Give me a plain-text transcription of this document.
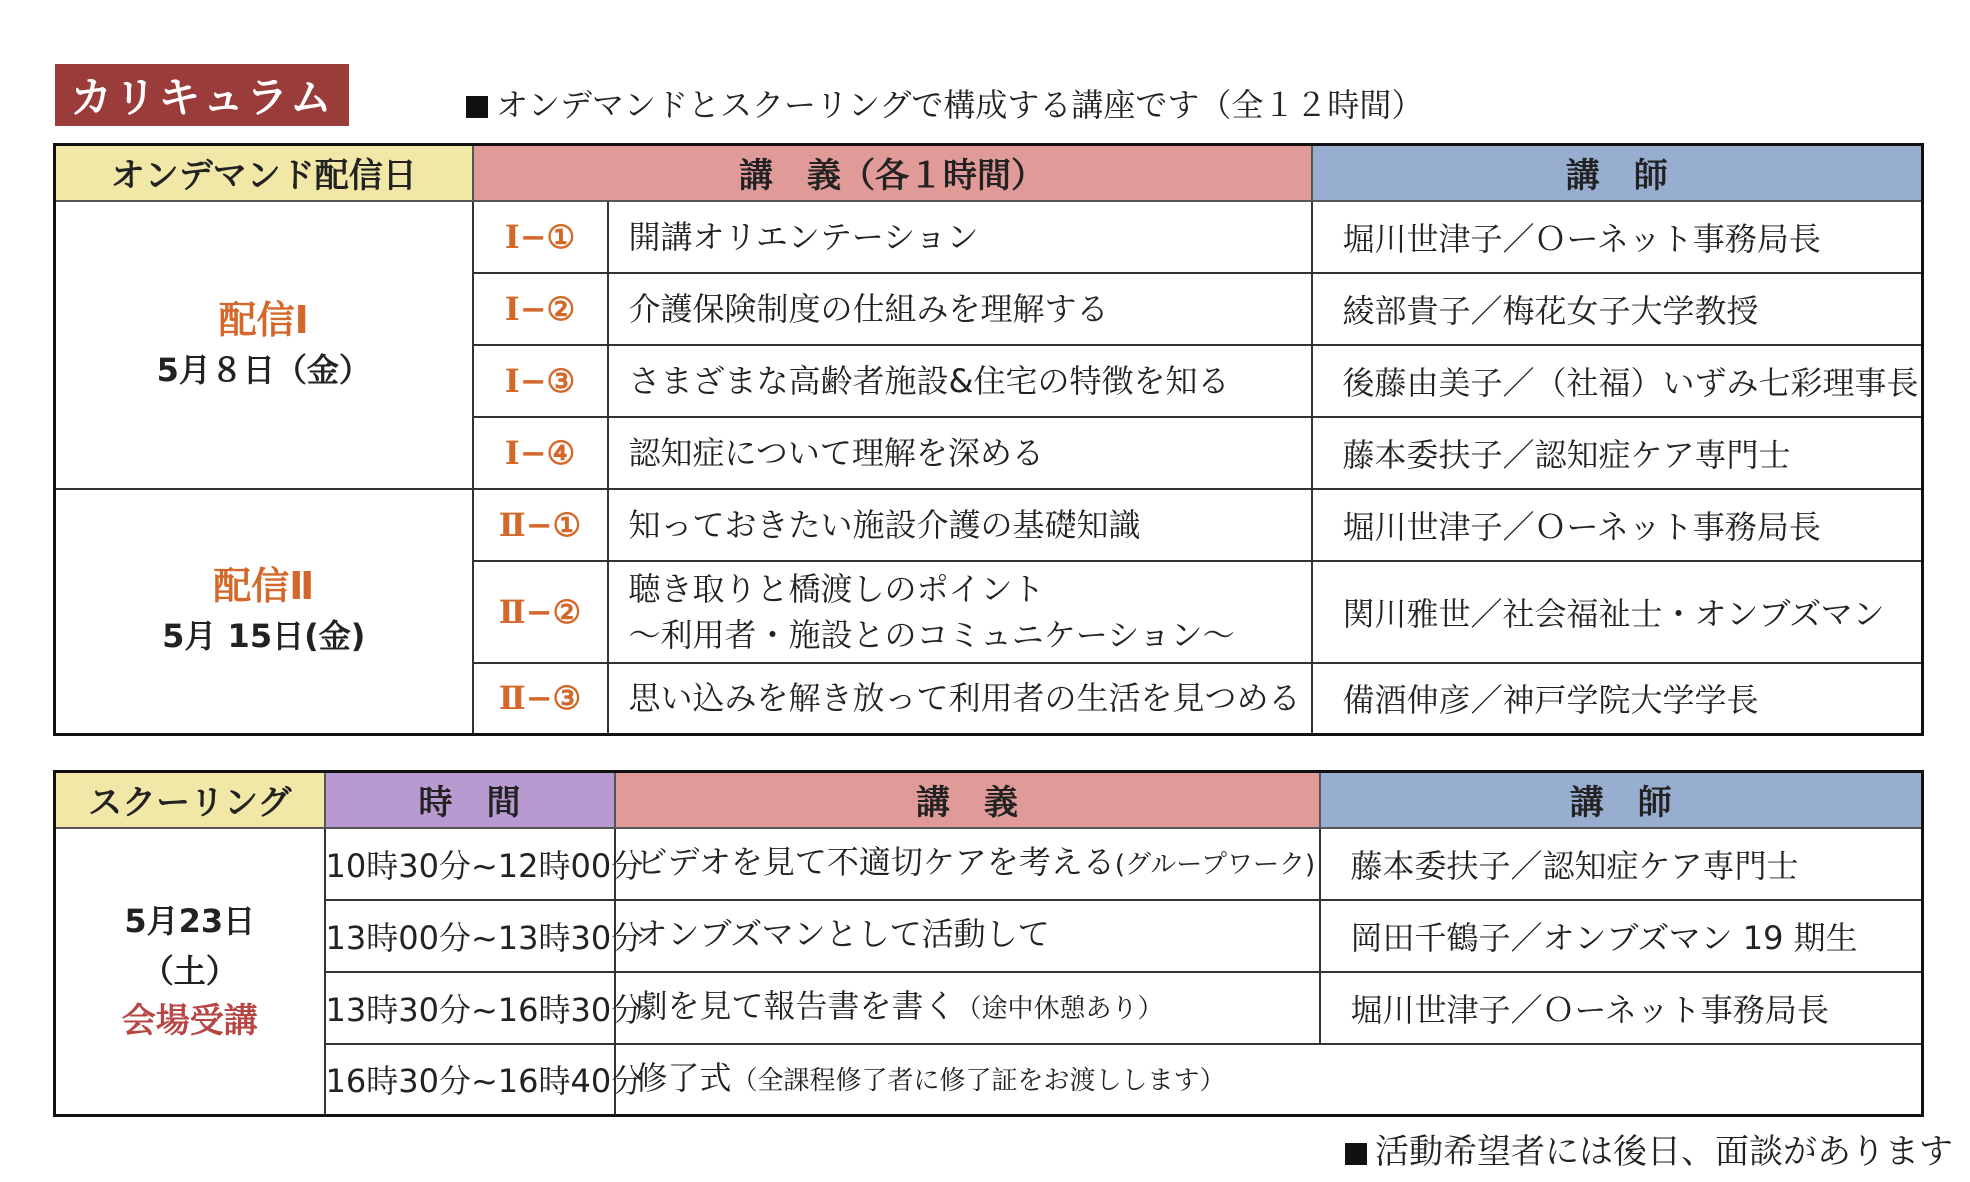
カリキュラム	オンデマンドとスクーリングで構成する講座です（全１２時間）
オンデマンド配信日	講　義（各１時間）		講　師

配信Ⅰ
5月８日（金）	Ⅰ−①	開講オリエンテーション	堀川世津子／Ｏーネット事務局長
	Ⅰ−②	介護保険制度の仕組みを理解する	綾部貴子／梅花女子大学教授
	Ⅰ−③	さまざまな高齢者施設&住宅の特徴を知る	後藤由美子／（社福）いずみ七彩理事長
	Ⅰ−④	認知症について理解を深める	藤本委扶子／認知症ケア専門士

配信Ⅱ
5月 15日(金)	Ⅱ−①	知っておきたい施設介護の基礎知識	堀川世津子／Ｏーネット事務局長
	Ⅱ−②	聴き取りと橋渡しのポイント
〜利用者・施設とのコミュニケーション〜	関川雅世／社会福祉士・オンブズマン
	Ⅱ−③	思い込みを解き放って利用者の生活を見つめる	備酒伸彦／神戸学院大学学長
スクーリング	時　間	講　義	講　師

5月23日
（土）
会場受講	10時30分~12時00分	ビデオを見て不適切ケアを考える(グループワーク)	藤本委扶子／認知症ケア専門士
	13時00分~13時30分	オンブズマンとして活動して	岡田千鶴子／オンブズマン 19 期生
	13時30分~16時30分	劇を見て報告書を書く（途中休憩あり）	堀川世津子／Ｏーネット事務局長
	16時30分~16時40分	修了式（全課程修了者に修了証をお渡しします）	
活動希望者には後日、面談があります
